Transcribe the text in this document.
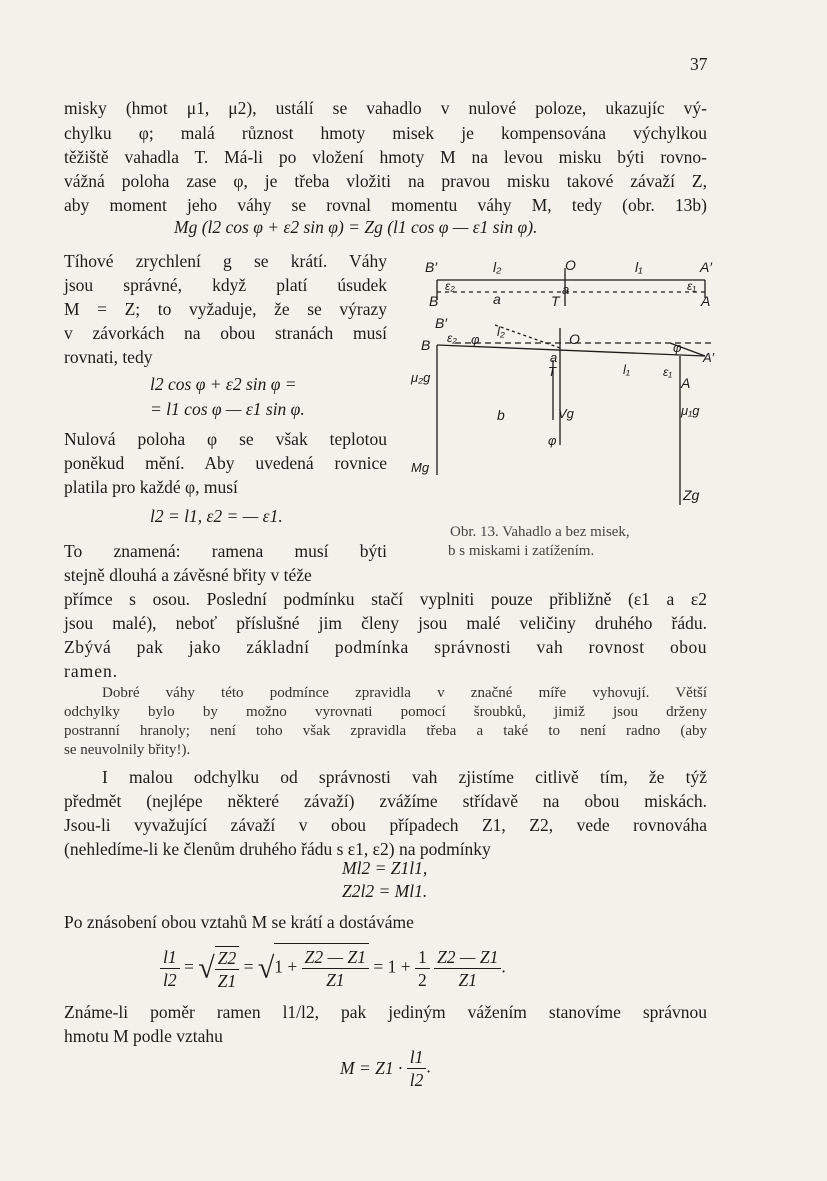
37
misky (hmot μ1, μ2), ustálí se vahadlo v nulové poloze, ukazujíc vý-
chylku φ; malá různost hmoty misek je kompensována výchylkou
těžiště vahadla T. Má-li po vložení hmoty M na levou misku býti rovno-
vážná poloha zase φ, je třeba vložiti na pravou misku takové závaží Z,
aby moment jeho váhy se rovnal momentu váhy M, tedy (obr. 13b)
Mg (l2 cos φ + ε2 sin φ) = Zg (l1 cos φ — ε1 sin φ).
Tíhové zrychlení g se krátí. Váhy
jsou správné, když platí úsudek
M = Z; to vyžaduje, že se výrazy
v závorkách na obou stranách musí
rovnati, tedy
l2 cos φ + ε2 sin φ =
= l1 cos φ — ε1 sin φ.
Nulová poloha φ se však teplotou
poněkud mění. Aby uvedená rovnice
platila pro každé φ, musí
l2 = l1, ε2 = — ε1.
To znamená: ramena musí býti
B′	l₂	O	l₁	A′
ε₂	a	ε₁
B	a	T	A
B′
l₂
B ε₂ φ	O
a
T	l₁
φ
A′
ε₁
A
μ₂g
b	Vg	μ₁g
φ
Mg
Zg
Obr. 13. Vahadlo a bez misek,
b s miskami i zatížením.
stejně dlouhá a závěsné břity v téže
přímce s osou. Poslední podmínku stačí vyplniti pouze přibližně (ε1 a ε2
jsou malé), neboť příslušné jim členy jsou malé veličiny druhého řádu.
Zbývá pak jako základní podmínka správnosti vah rovnost obou
ramen.
Dobré váhy této podmínce zpravidla v značné míře vyhovují. Větší
odchylky bylo by možno vyrovnati pomocí šroubků, jimiž jsou drženy
postranní hranoly; není toho však zpravidla třeba a také to není radno (aby
se neuvolnily břity!).
I malou odchylku od správnosti vah zjistíme citlivě tím, že týž
předmět (nejlépe některé závaží) zvážíme střídavě na obou miskách.
Jsou-li vyvažující závaží v obou případech Z1, Z2, vede rovnováha
(nehledíme-li ke členům druhého řádu s ε1, ε2) na podmínky
Ml2 = Z1l1,
Z2l2 = Ml1.
Po znásobení obou vztahů M se krátí a dostáváme
$\frac{l1}{l2}$ = √ $\frac{Z2}{Z1} = √1 + \frac{Z2 — Z1}{Z1} = 1 + \frac{1}{2}$
$\frac{Z2 — Z1}{Z1}$ .
Známe-li poměr ramen l1/l2, pak jediným vážením stanovíme správnou
hmotu M podle vztahu
$M = Z1 \cdot \frac{l1}{l2}$ .
